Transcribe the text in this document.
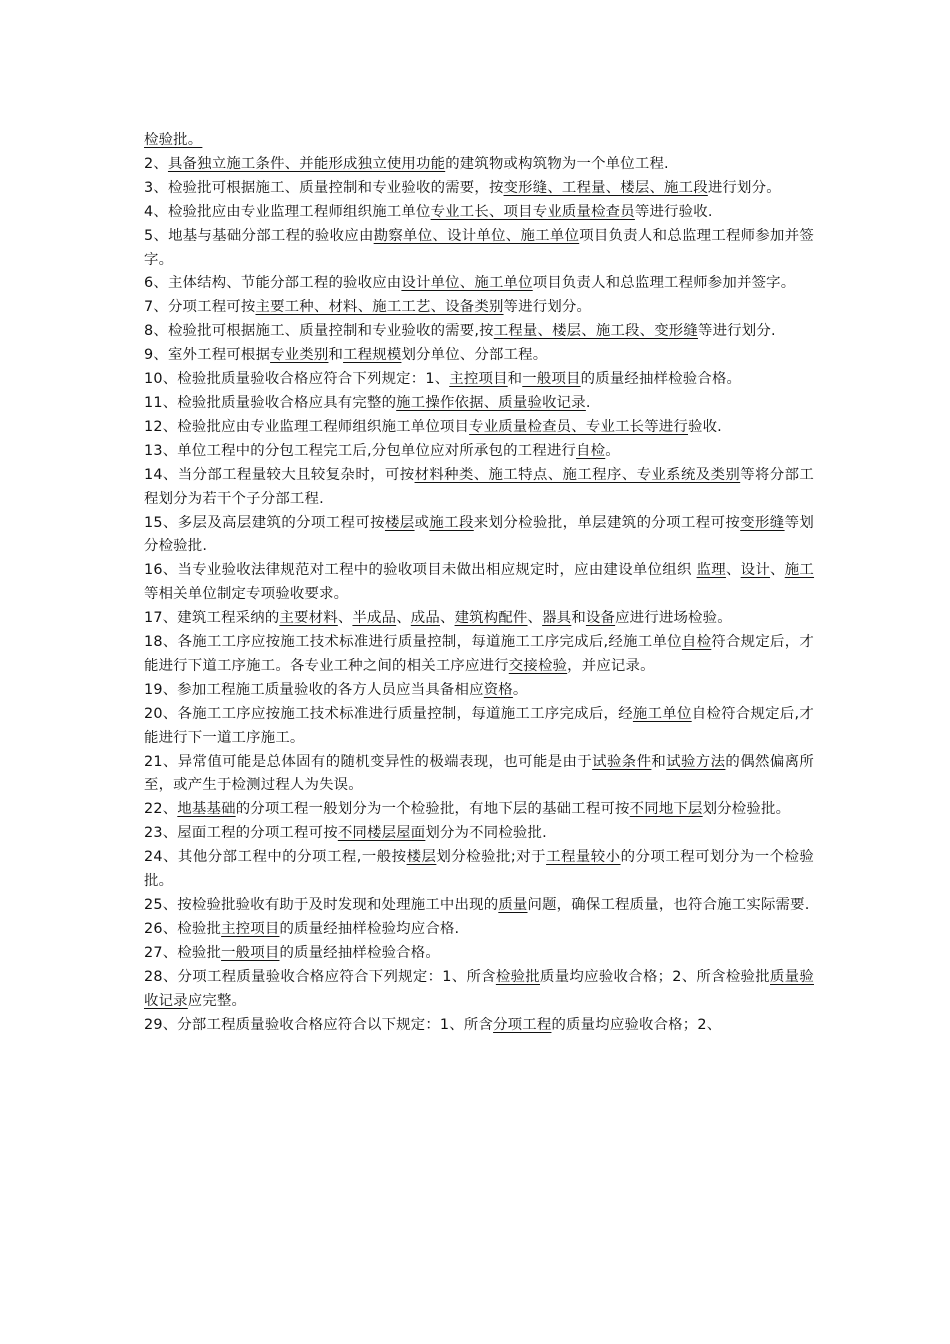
检验批。

2、具备独立施工条件、并能形成独立使用功能的建筑物或构筑物为一个单位工程.

3、检验批可根据施工、质量控制和专业验收的需要，按变形缝、工程量、楼层、施工段进行划分。

4、检验批应由专业监理工程师组织施工单位专业工长、项目专业质量检查员等进行验收.

5、地基与基础分部工程的验收应由勘察单位、设计单位、施工单位项目负责人和总监理工程师参加并签字。

6、主体结构、节能分部工程的验收应由设计单位、施工单位项目负责人和总监理工程师参加并签字。

7、分项工程可按主要工种、材料、施工工艺、设备类别等进行划分。

8、检验批可根据施工、质量控制和专业验收的需要,按工程量、楼层、施工段、变形缝等进行划分.

9、室外工程可根据专业类别和工程规模划分单位、分部工程。

10、检验批质量验收合格应符合下列规定：1、主控项目和一般项目的质量经抽样检验合格。

11、检验批质量验收合格应具有完整的施工操作依据、质量验收记录.

12、检验批应由专业监理工程师组织施工单位项目专业质量检查员、专业工长等进行验收.

13、单位工程中的分包工程完工后,分包单位应对所承包的工程进行自检。

14、当分部工程量较大且较复杂时，可按材料种类、施工特点、施工程序、专业系统及类别等将分部工程划分为若干个子分部工程.

15、多层及高层建筑的分项工程可按楼层或施工段来划分检验批，单层建筑的分项工程可按变形缝等划分检验批.

16、当专业验收法律规范对工程中的验收项目未做出相应规定时，应由建设单位组织 监理、设计、施工等相关单位制定专项验收要求。

17、建筑工程采纳的主要材料、半成品、成品、建筑构配件、器具和设备应进行进场检验。

18、各施工工序应按施工技术标准进行质量控制，每道施工工序完成后,经施工单位自检符合规定后，才能进行下道工序施工。各专业工种之间的相关工序应进行交接检验，并应记录。

19、参加工程施工质量验收的各方人员应当具备相应资格。

20、各施工工序应按施工技术标准进行质量控制，每道施工工序完成后，经施工单位自检符合规定后,才能进行下一道工序施工。

21、异常值可能是总体固有的随机变异性的极端表现，也可能是由于试验条件和试验方法的偶然偏离所至，或产生于检测过程人为失误。

22、地基基础的分项工程一般划分为一个检验批，有地下层的基础工程可按不同地下层划分检验批。

23、屋面工程的分项工程可按不同楼层屋面划分为不同检验批.

24、其他分部工程中的分项工程,一般按楼层划分检验批;对于工程量较小的分项工程可划分为一个检验批。

25、按检验批验收有助于及时发现和处理施工中出现的质量问题，确保工程质量，也符合施工实际需要.

26、检验批主控项目的质量经抽样检验均应合格.

27、检验批一般项目的质量经抽样检验合格。

28、分项工程质量验收合格应符合下列规定：1、所含检验批质量均应验收合格；2、所含检验批质量验收记录应完整。

29、分部工程质量验收合格应符合以下规定：1、所含分项工程的质量均应验收合格；2、
